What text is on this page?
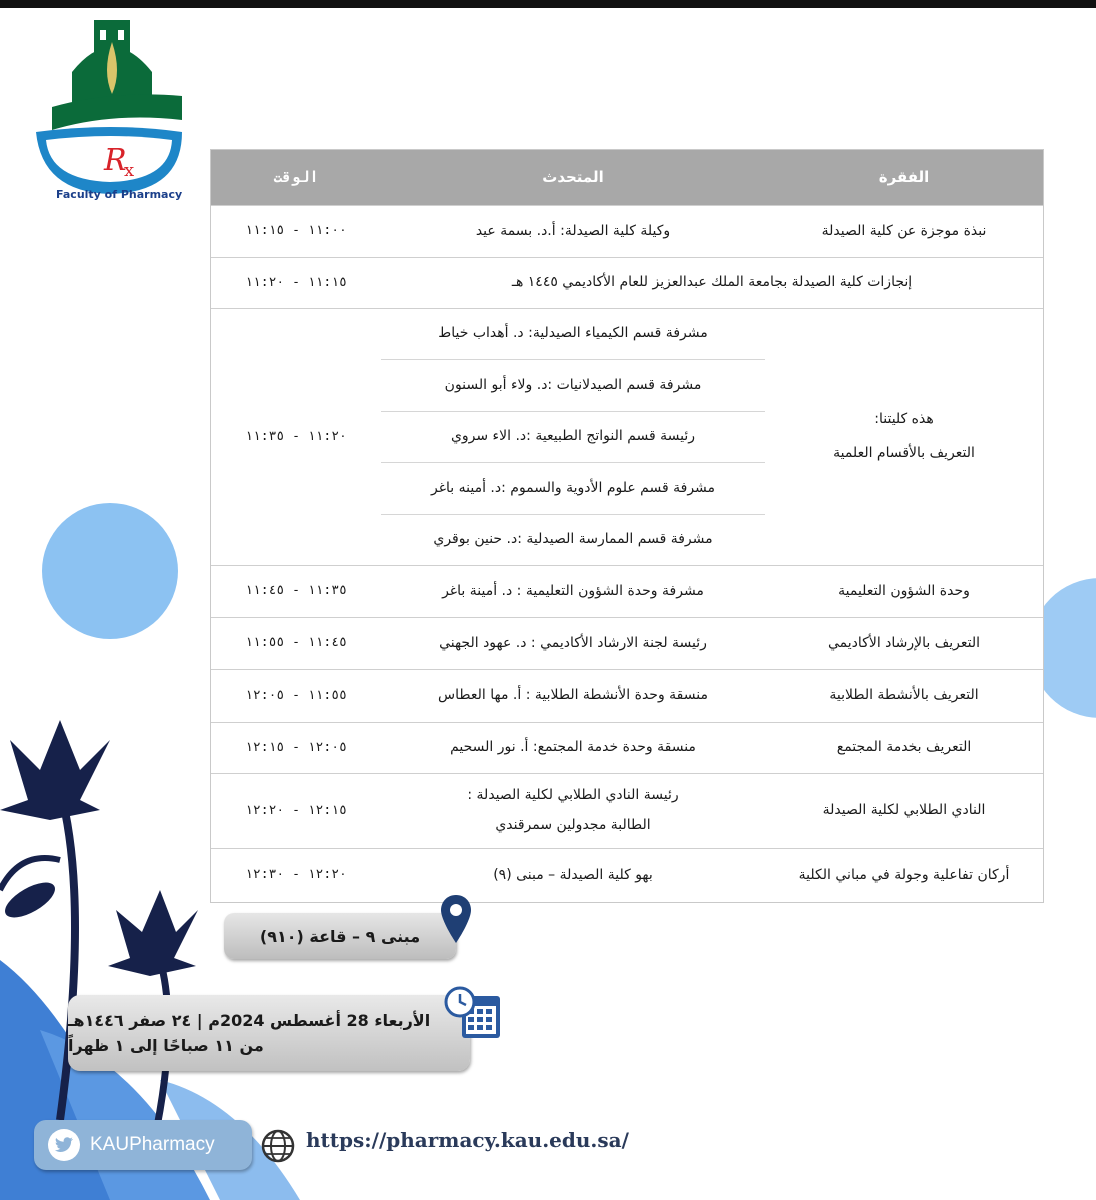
R
x
Faculty of Pharmacy
الفقرة
المتحدث
الوقت
نبذة موجزة عن كلية الصيدلة
وكيلة كلية الصيدلة: أ.د. بسمة عيد
١١:٠٠ - ١١:١٥
إنجازات كلية الصيدلة بجامعة الملك عبدالعزيز للعام الأكاديمي ١٤٤٥ هـ
١١:١٥ - ١١:٢٠
هذه كليتنا:
التعريف بالأقسام العلمية
مشرفة قسم الكيمياء الصيدلية: د. أهداب خياط
مشرفة قسم الصيدلانيات :د. ولاء أبو السنون
رئيسة قسم النواتج الطبيعية :د. الاء سروي
مشرفة قسم علوم الأدوية والسموم :د. أمينه باغر
مشرفة قسم الممارسة الصيدلية :د. حنين بوقري
١١:٢٠ - ١١:٣٥
وحدة الشؤون التعليمية
مشرفة وحدة الشؤون التعليمية : د. أمينة باغر
١١:٣٥ - ١١:٤٥
التعريف بالإرشاد الأكاديمي
رئيسة لجنة الارشاد الأكاديمي : د. عهود الجهني
١١:٤٥ - ١١:٥٥
التعريف بالأنشطة الطلابية
منسقة وحدة الأنشطة الطلابية : أ. مها العطاس
١١:٥٥ - ١٢:٠٥
التعريف بخدمة المجتمع
منسقة وحدة خدمة المجتمع: أ. نور السحيم
١٢:٠٥ - ١٢:١٥
النادي الطلابي لكلية الصيدلة
رئيسة النادي الطلابي لكلية الصيدلة :
الطالبة مجدولين سمرقندي
١٢:١٥ - ١٢:٢٠
أركان تفاعلية وجولة في مباني الكلية
بهو كلية الصيدلة – مبنى (٩)
١٢:٢٠ - ١٢:٣٠
مبنى ٩ – قاعة (٩١٠)
الأربعاء 28 أغسطس 2024م | ٢٤ صفر ١٤٤٦هـ
من ١١ صباحًا إلى ١ ظهراً
KAUPharmacy	https://pharmacy.kau.edu.sa/
